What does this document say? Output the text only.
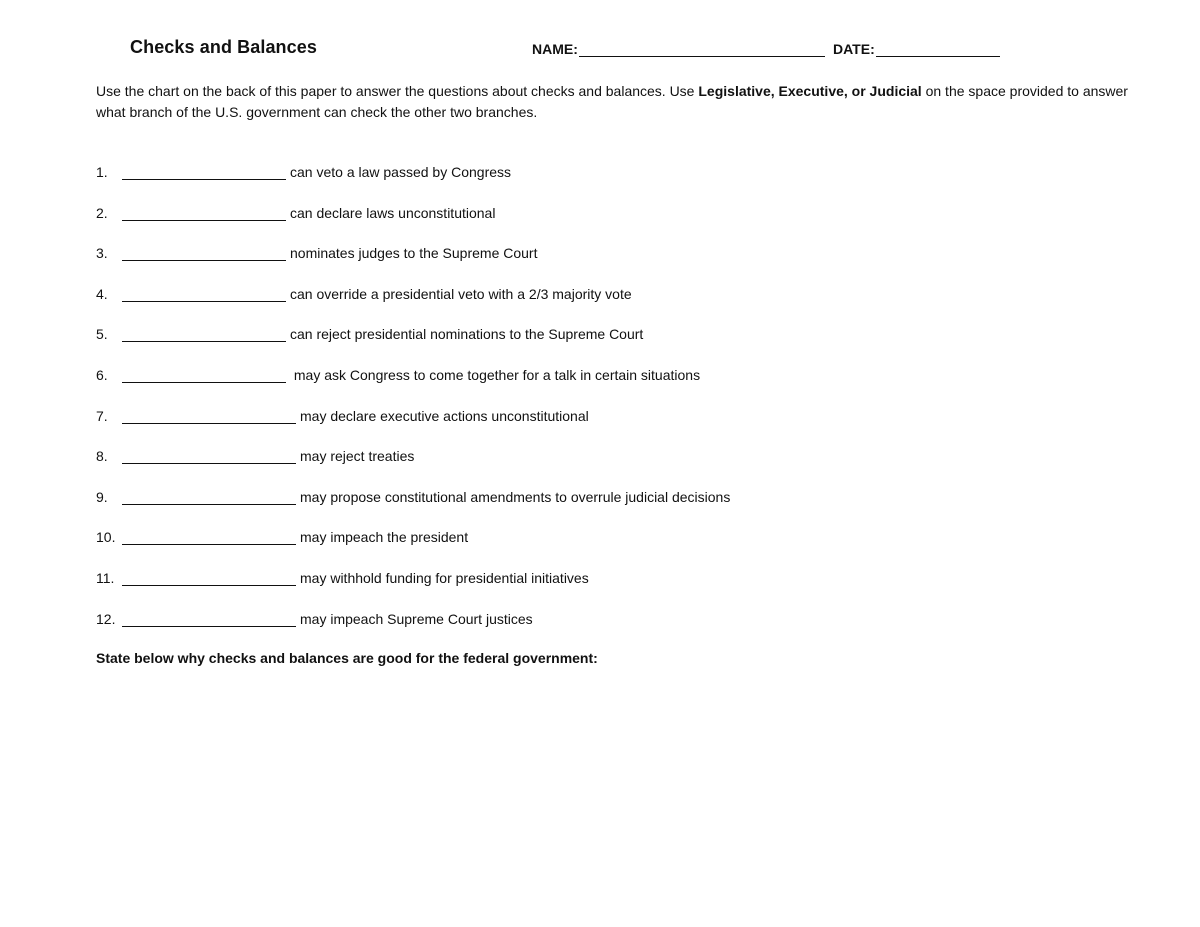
Checks and Balances	NAME:	DATE:
Use the chart on the back of this paper to answer the questions about checks and balances. Use Legislative, Executive, or Judicial on the space provided to answer what branch of the U.S. government can check the other two branches.
1.	can veto a law passed by Congress
2.	can declare laws unconstitutional
3.	nominates judges to the Supreme Court
4.	can override a presidential veto with a 2/3 majority vote
5.	can reject presidential nominations to the Supreme Court
6.	may ask Congress to come together for a talk in certain situations
7.	may declare executive actions unconstitutional
8.	may reject treaties
9.	may propose constitutional amendments to overrule judicial decisions
10.	may impeach the president
11.	may withhold funding for presidential initiatives
12.	may impeach Supreme Court justices
State below why checks and balances are good for the federal government:
